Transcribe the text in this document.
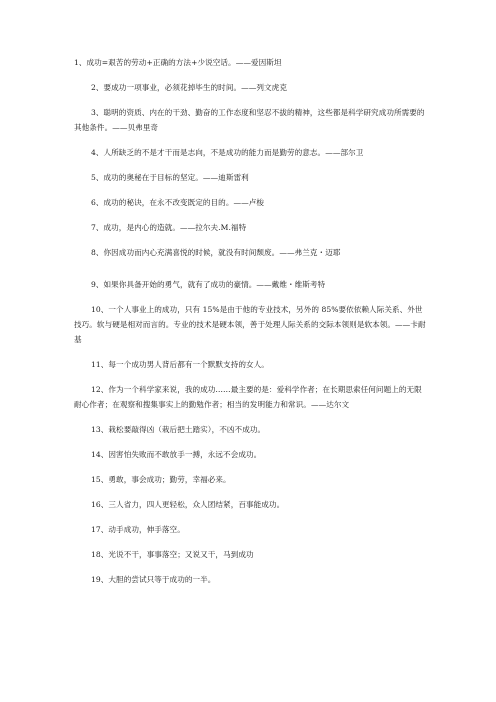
1、成功=艰苦的劳动+正确的方法+少说空话。——爱因斯坦

2、要成功一项事业，必须花掉毕生的时间。——列文虎克

3、聪明的资质、内在的干劲、勤奋的工作态度和坚忍不拔的精神，这些都是科学研究成功所需要的其他条件。——贝弗里奇

4、人所缺乏的不是才干而是志向，不是成功的能力而是勤劳的意志。——部尔卫

5、成功的奥秘在于目标的坚定。——迪斯雷利

6、成功的秘诀，在永不改变既定的目的。——卢梭

7、成功，是内心的造就。——拉尔夫.M.福特

8、你因成功而内心充满喜悦的时候，就没有时间颓废。——弗兰克・迈耶

9、如果你具备开始的勇气，就有了成功的豪情。——戴维・维斯考特

10、一个人事业上的成功，只有 15%是由于他的专业技术，另外的 85%要依依赖人际关系、外世技巧。软与硬是相对而言的。专业的技术是硬本领，善于处理人际关系的交际本领则是软本领。——卡耐基

11、每一个成功男人背后都有一个默默支持的女人。

12、作为一个科学家来说，我的成功……最主要的是：爱科学作者；在长期思索任何问题上的无限耐心作者；在观察和搜集事实上的勤勉作者；相当的发明能力和常识。——达尔文

13、栽松要敲得凶（栽后把土踏实），不凶不成功。

14、因害怕失败而不敢放手一搏，永远不会成功。

15、勇敢，事会成功；勤劳，幸福必来。

16、三人省力，四人更轻松，众人团结紧，百事能成功。

17、动手成功，伸手落空。

18、光说不干，事事落空；又说又干，马到成功

19、大胆的尝试只等于成功的一半。
